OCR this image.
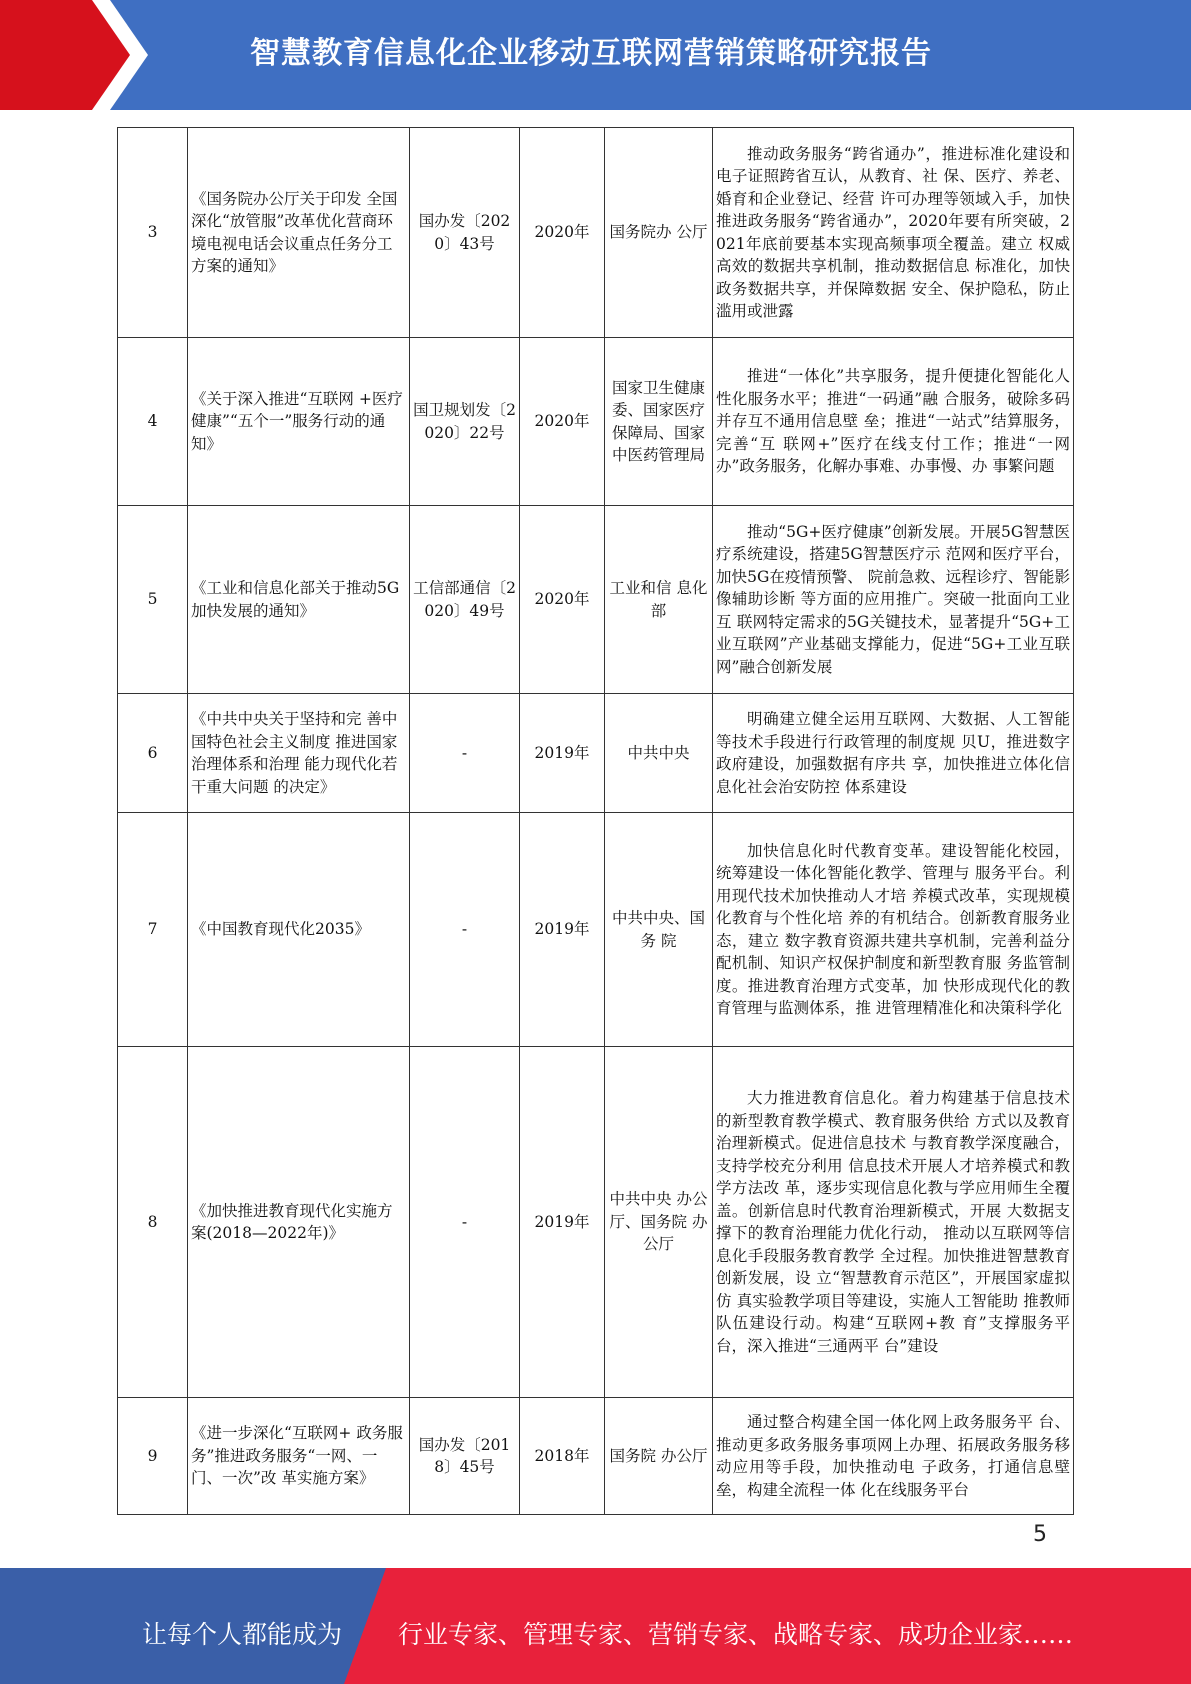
智慧教育信息化企业移动互联网营销策略研究报告
3	《国务院办公厅关于印发 全国深化“放管服”改革优化营商环境电视电话会议重点任务分工方案的通知》	国办发〔2020〕43号	2020年	国务院办 公厅	推动政务服务“跨省通办”，推进标准化建设和电子证照跨省互认，从教育、社 保、医疗、养老、婚育和企业登记、经营 许可办理等领域入手，加快推进政务服务“跨省通办”，2020年要有所突破，2021年底前要基本实现高频事项全覆盖。建立 权威高效的数据共享机制，推动数据信息 标准化，加快政务数据共享，并保障数据 安全、保护隐私，防止滥用或泄露
4	《关于深入推进“互联网 +医疗健康”“五个一”服务行动的通知》	国卫规划发〔2020〕22号	2020年	国家卫生健康委、国家医疗保障局、国家中医药管理局	推进“一体化”共享服务，提升便捷化智能化人性化服务水平；推进“一码通”融 合服务，破除多码并存互不通用信息壁 垒；推进“一站式”结算服务，完善“互 联网+”医疗在线支付工作；推进“一网 办”政务服务，化解办事难、办事慢、办 事繁问题
5	《工业和信息化部关于推动5G加快发展的通知》	工信部通信〔2020〕49号	2020年	工业和信 息化部	推动“5G+医疗健康”创新发展。开展5G智慧医疗系统建设，搭建5G智慧医疗示 范网和医疗平台，加快5G在疫情预警、 院前急救、远程诊疗、智能影像辅助诊断 等方面的应用推广。突破一批面向工业互 联网特定需求的5G关键技术，显著提升“5G+工业互联网”产业基础支撑能力，促进“5G+工业互联网”融合创新发展
6	《中共中央关于坚持和完 善中国特色社会主义制度 推进国家治理体系和治理 能力现代化若干重大问题 的决定》	-	2019年	中共中央	明确建立健全运用互联网、大数据、人工智能等技术手段进行行政管理的制度规 贝U，推进数字政府建设，加强数据有序共 享，加快推进立体化信息化社会治安防控 体系建设
7	《中国教育现代化2035》	-	2019年	中共中央、国务 院	加快信息化时代教育变革。建设智能化校园，统筹建设一体化智能化教学、管理与 服务平台。利用现代技术加快推动人才培 养模式改革，实现规模化教育与个性化培 养的有机结合。创新教育服务业态，建立 数字教育资源共建共享机制，完善利益分 配机制、知识产权保护制度和新型教育服 务监管制度。推进教育治理方式变革，加 快形成现代化的教育管理与监测体系，推 进管理精准化和决策科学化
8	《加快推进教育现代化实施方案(2018—2022年)》	-	2019年	中共中央 办公厅、国务院 办公厅	大力推进教育信息化。着力构建基于信息技术的新型教育教学模式、教育服务供给 方式以及教育治理新模式。促进信息技术 与教育教学深度融合，支持学校充分利用 信息技术开展人才培养模式和教学方法改 革，逐步实现信息化教与学应用师生全覆 盖。创新信息时代教育治理新模式，开展 大数据支撑下的教育治理能力优化行动， 推动以互联网等信息化手段服务教育教学 全过程。加快推进智慧教育创新发展，设 立“智慧教育示范区”，开展国家虚拟仿 真实验教学项目等建设，实施人工智能助 推教师队伍建设行动。构建“互联网+教 育”支撑服务平台，深入推进“三通两平 台”建设
9	《进一步深化“互联网+ 政务服务”推进政务服务“一网、一门、一次”改 革实施方案》	国办发〔2018〕45号	2018年	国务院 办公厅	通过整合构建全国一体化网上政务服务平 台、推动更多政务服务事项网上办理、拓展政务服务移动应用等手段，加快推动电 子政务，打通信息壁垒，构建全流程一体 化在线服务平台
5
让每个人都能成为 行业专家、管理专家、营销专家、战略专家、成功企业家……
